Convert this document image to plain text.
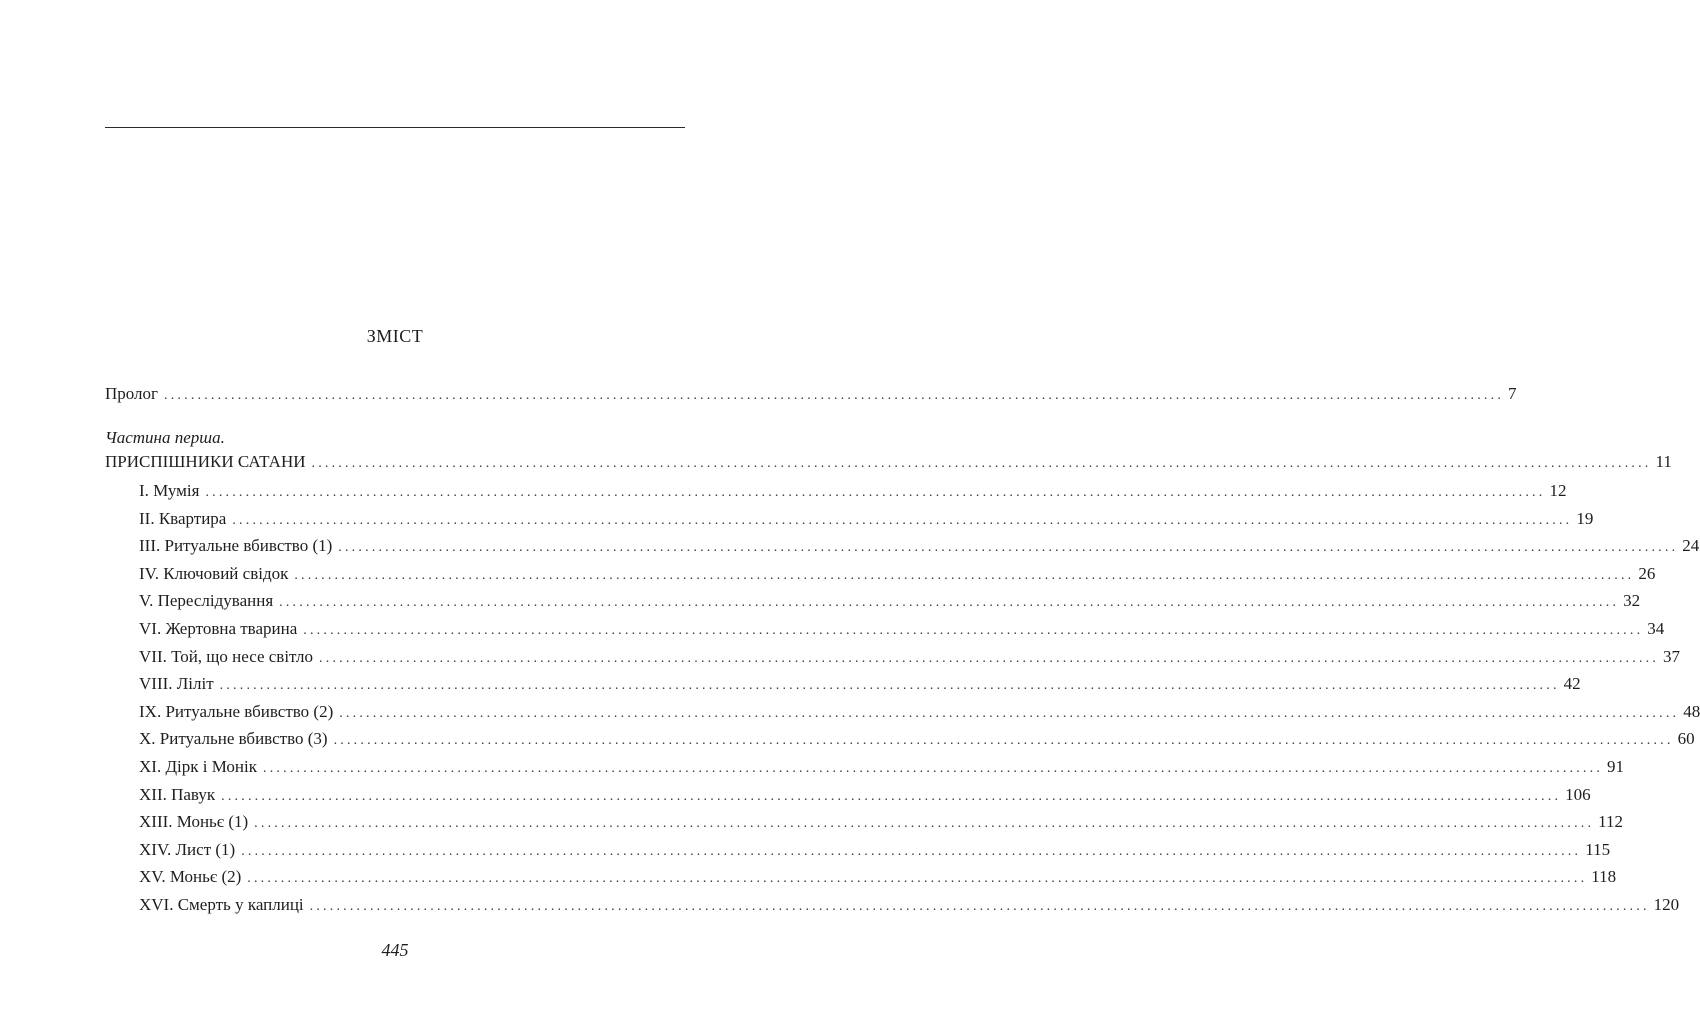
ЗМІСТ
Пролог ........................................................................................................................................................................................................ 7
Частина перша.
ПРИСПІШНИКИ САТАНИ ........................................................................................................................................................................................................ 11
I. Мумія ........................................................................................................................................................................................................ 12
II. Квартира ........................................................................................................................................................................................................ 19
III. Ритуальне вбивство (1) ........................................................................................................................................................................................................ 24
IV. Ключовий свідок ........................................................................................................................................................................................................ 26
V. Переслідування ........................................................................................................................................................................................................ 32
VI. Жертовна тварина ........................................................................................................................................................................................................ 34
VII. Той, що несе світло ........................................................................................................................................................................................................ 37
VIII. Ліліт ........................................................................................................................................................................................................ 42
IX. Ритуальне вбивство (2) ........................................................................................................................................................................................................ 48
X. Ритуальне вбивство (3) ........................................................................................................................................................................................................ 60
XI. Дірк і Монік ........................................................................................................................................................................................................ 91
XII. Павук ........................................................................................................................................................................................................ 106
XIII. Моньє (1) ........................................................................................................................................................................................................ 112
XIV. Лист (1) ........................................................................................................................................................................................................ 115
XV. Моньє (2) ........................................................................................................................................................................................................ 118
XVI. Смерть у каплиці ........................................................................................................................................................................................................ 120
445
